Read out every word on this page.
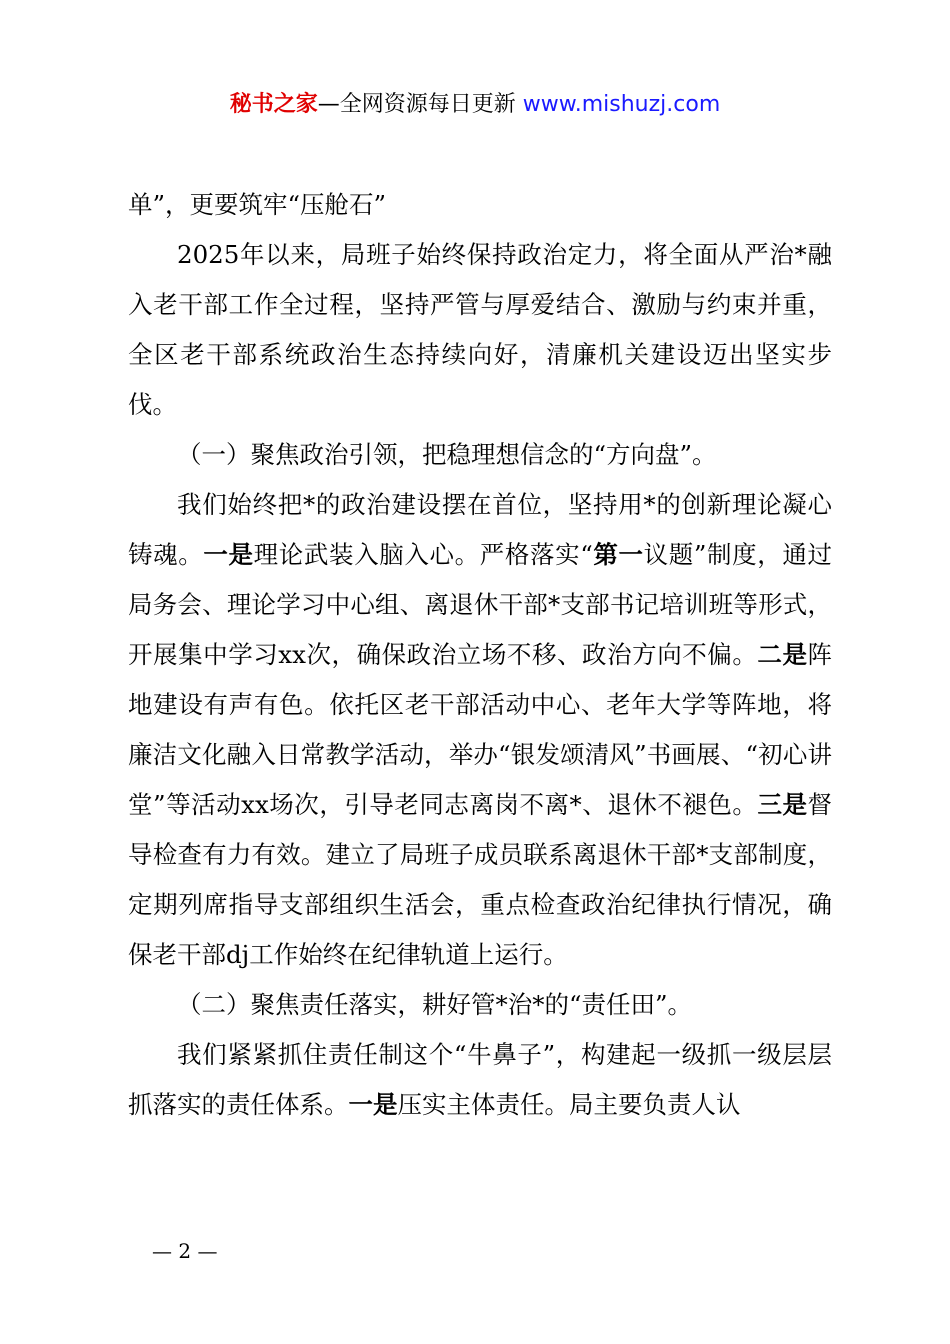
秘书之家—全网资源每日更新 www.mishuzj.com

单”，更要筑牢“压舱石”

2025年以来，局班子始终保持政治定力，将全面从严治*融入老干部工作全过程，坚持严管与厚爱结合、激励与约束并重，全区老干部系统政治生态持续向好，清廉机关建设迈出坚实步伐。

（一）聚焦政治引领，把稳理想信念的“方向盘”。

我们始终把*的政治建设摆在首位，坚持用*的创新理论凝心铸魂。一是理论武装入脑入心。严格落实“第一议题”制度，通过局务会、理论学习中心组、离退休干部*支部书记培训班等形式，开展集中学习xx次，确保政治立场不移、政治方向不偏。二是阵地建设有声有色。依托区老干部活动中心、老年大学等阵地，将廉洁文化融入日常教学活动，举办“银发颂清风”书画展、“初心讲堂”等活动xx场次，引导老同志离岗不离*、退休不褪色。三是督导检查有力有效。建立了局班子成员联系离退休干部*支部制度，定期列席指导支部组织生活会，重点检查政治纪律执行情况，确保老干部dj工作始终在纪律轨道上运行。

（二）聚焦责任落实，耕好管*治*的“责任田”。

我们紧紧抓住责任制这个“牛鼻子”，构建起一级抓一级层层抓落实的责任体系。一是压实主体责任。局主要负责人认

— 2 —
